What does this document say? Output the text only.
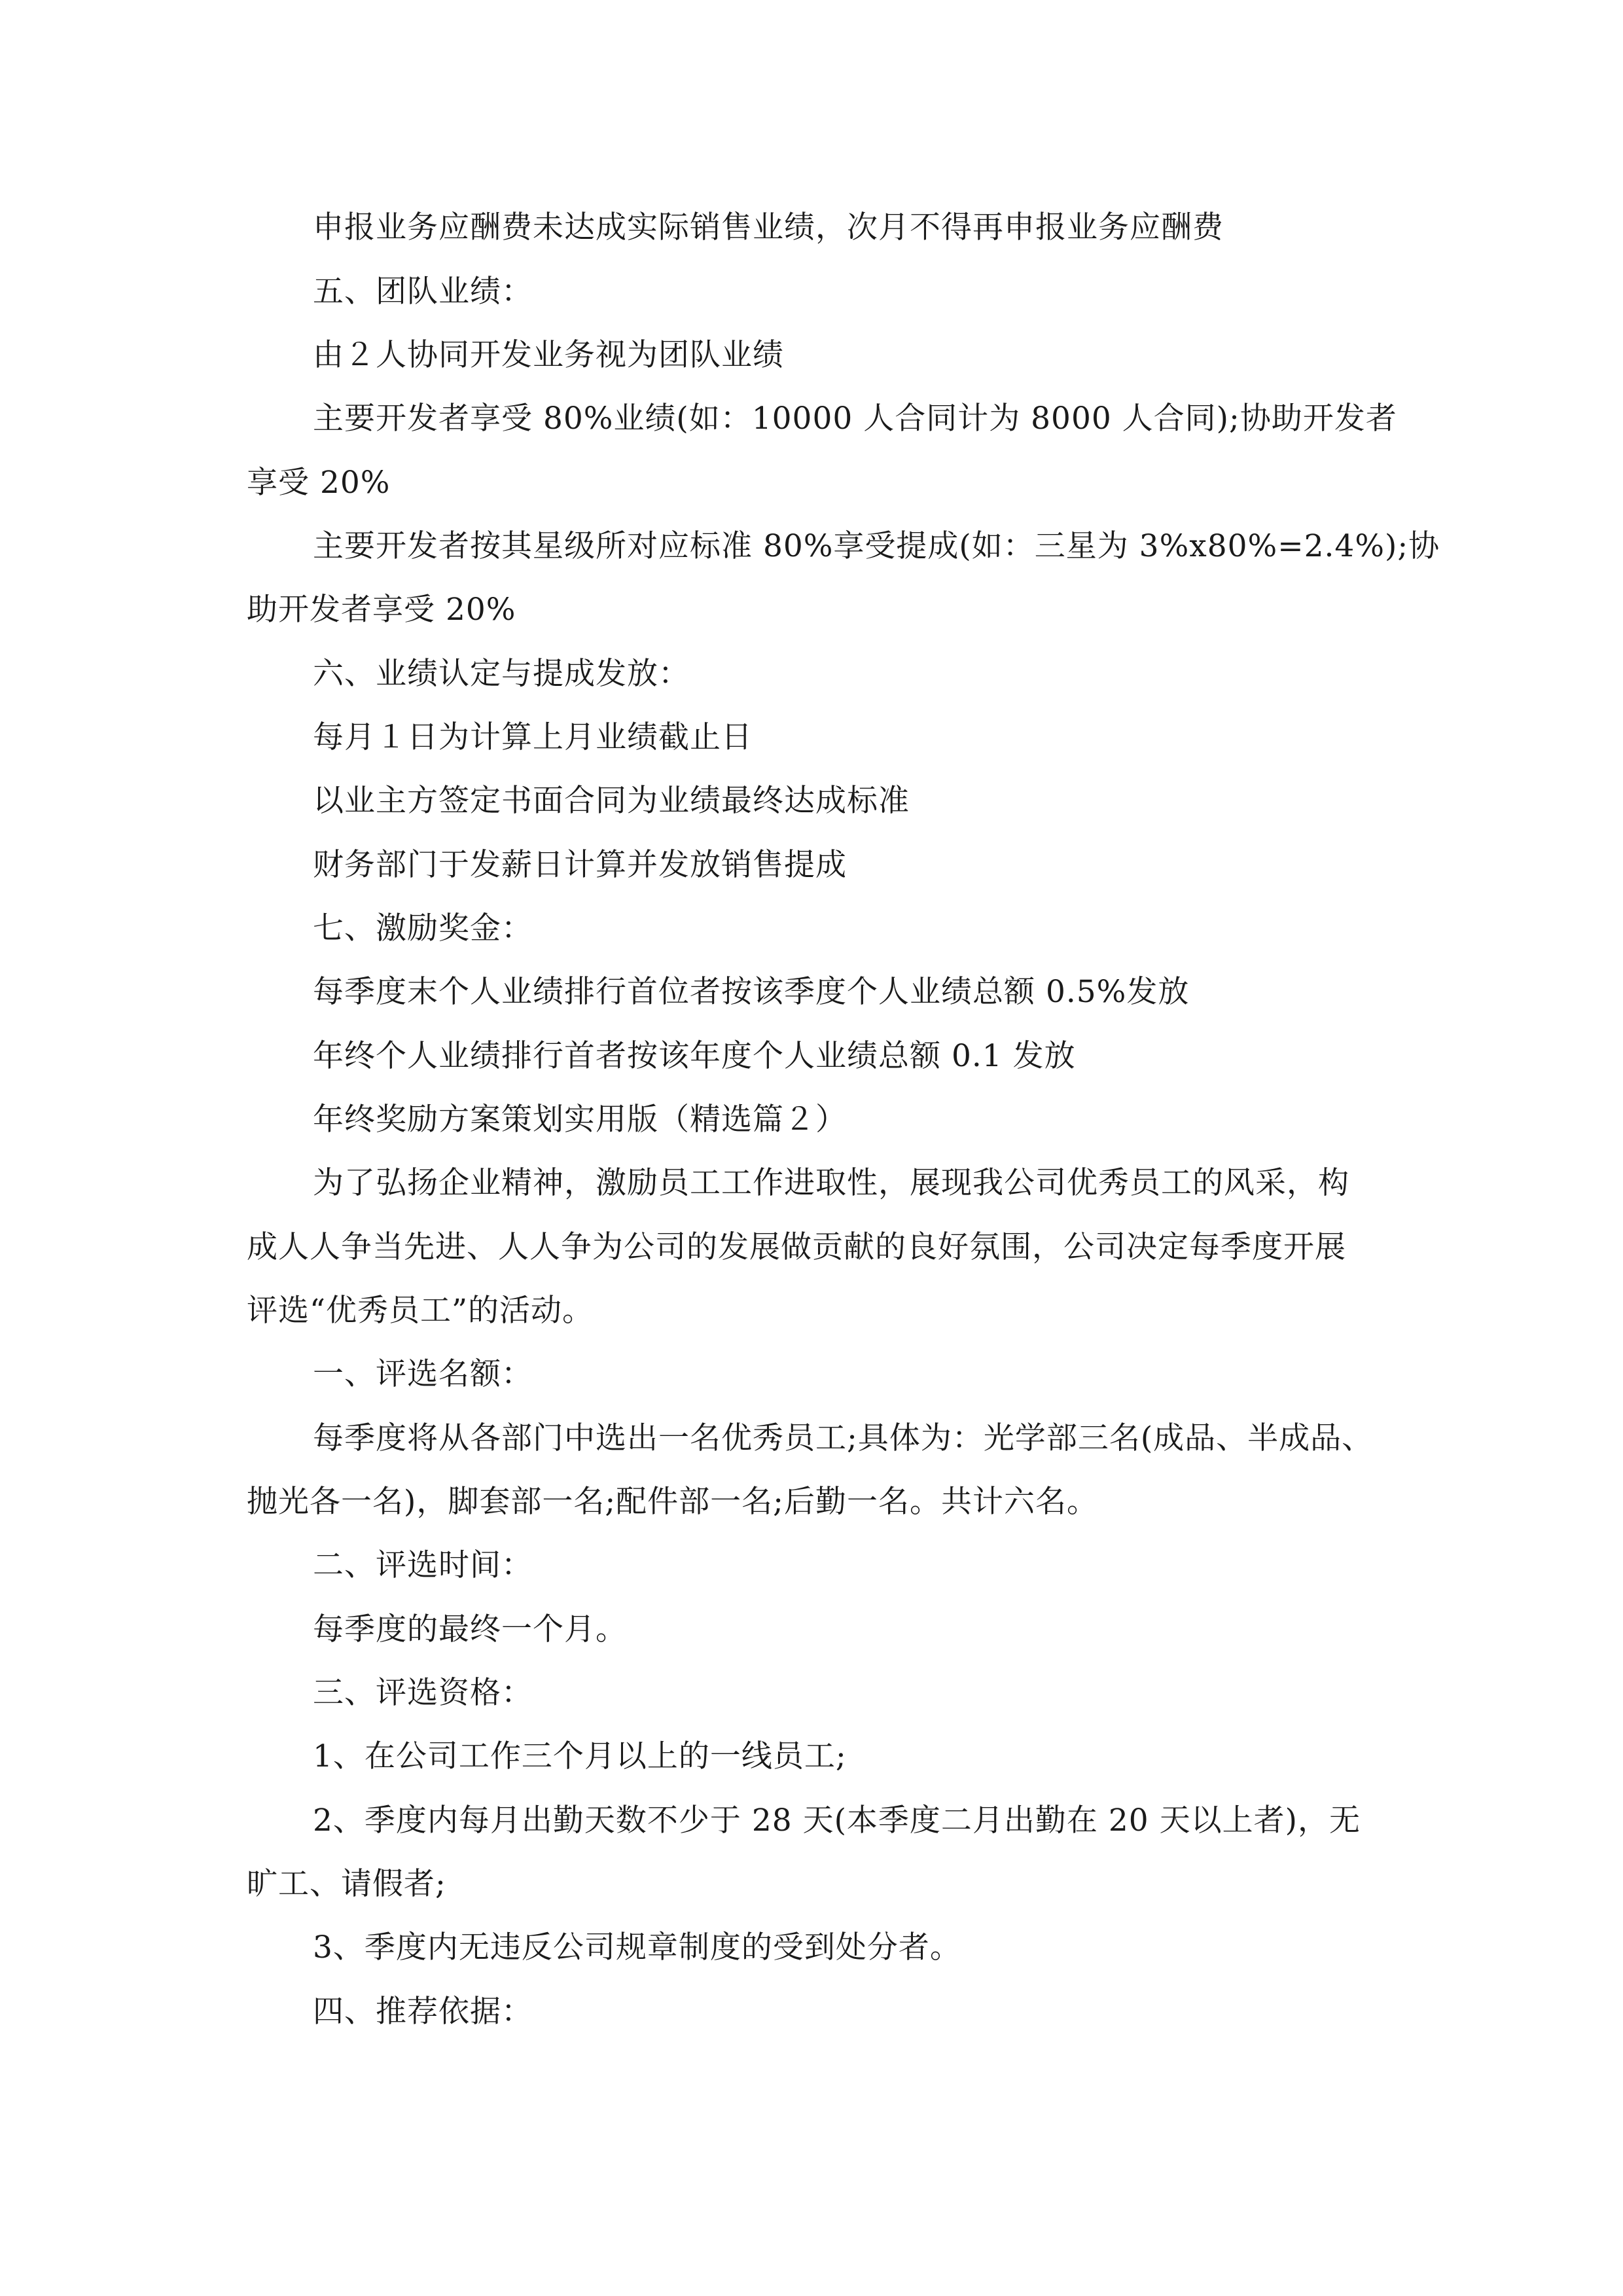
申报业务应酬费未达成实际销售业绩，次月不得再申报业务应酬费
五、团队业绩：
由２人协同开发业务视为团队业绩
主要开发者享受 80%业绩(如：10000 人合同计为 8000 人合同);协助开发者
享受 20%
主要开发者按其星级所对应标准 80%享受提成(如：三星为 3%x80%=2.4%);协
助开发者享受 20%
六、业绩认定与提成发放：
每月１日为计算上月业绩截止日
以业主方签定书面合同为业绩最终达成标准
财务部门于发薪日计算并发放销售提成
七、激励奖金：
每季度末个人业绩排行首位者按该季度个人业绩总额 0.5%发放
年终个人业绩排行首者按该年度个人业绩总额 0.1 发放
年终奖励方案策划实用版（精选篇２）
为了弘扬企业精神，激励员工工作进取性，展现我公司优秀员工的风采，构
成人人争当先进、人人争为公司的发展做贡献的良好氛围，公司决定每季度开展
评选“优秀员工”的活动。
一、评选名额：
每季度将从各部门中选出一名优秀员工;具体为：光学部三名(成品、半成品、
抛光各一名)，脚套部一名;配件部一名;后勤一名。共计六名。
二、评选时间：
每季度的最终一个月。
三、评选资格：
1、在公司工作三个月以上的一线员工;
2、季度内每月出勤天数不少于 28 天(本季度二月出勤在 20 天以上者)，无
旷工、请假者;
3、季度内无违反公司规章制度的受到处分者。
四、推荐依据：
